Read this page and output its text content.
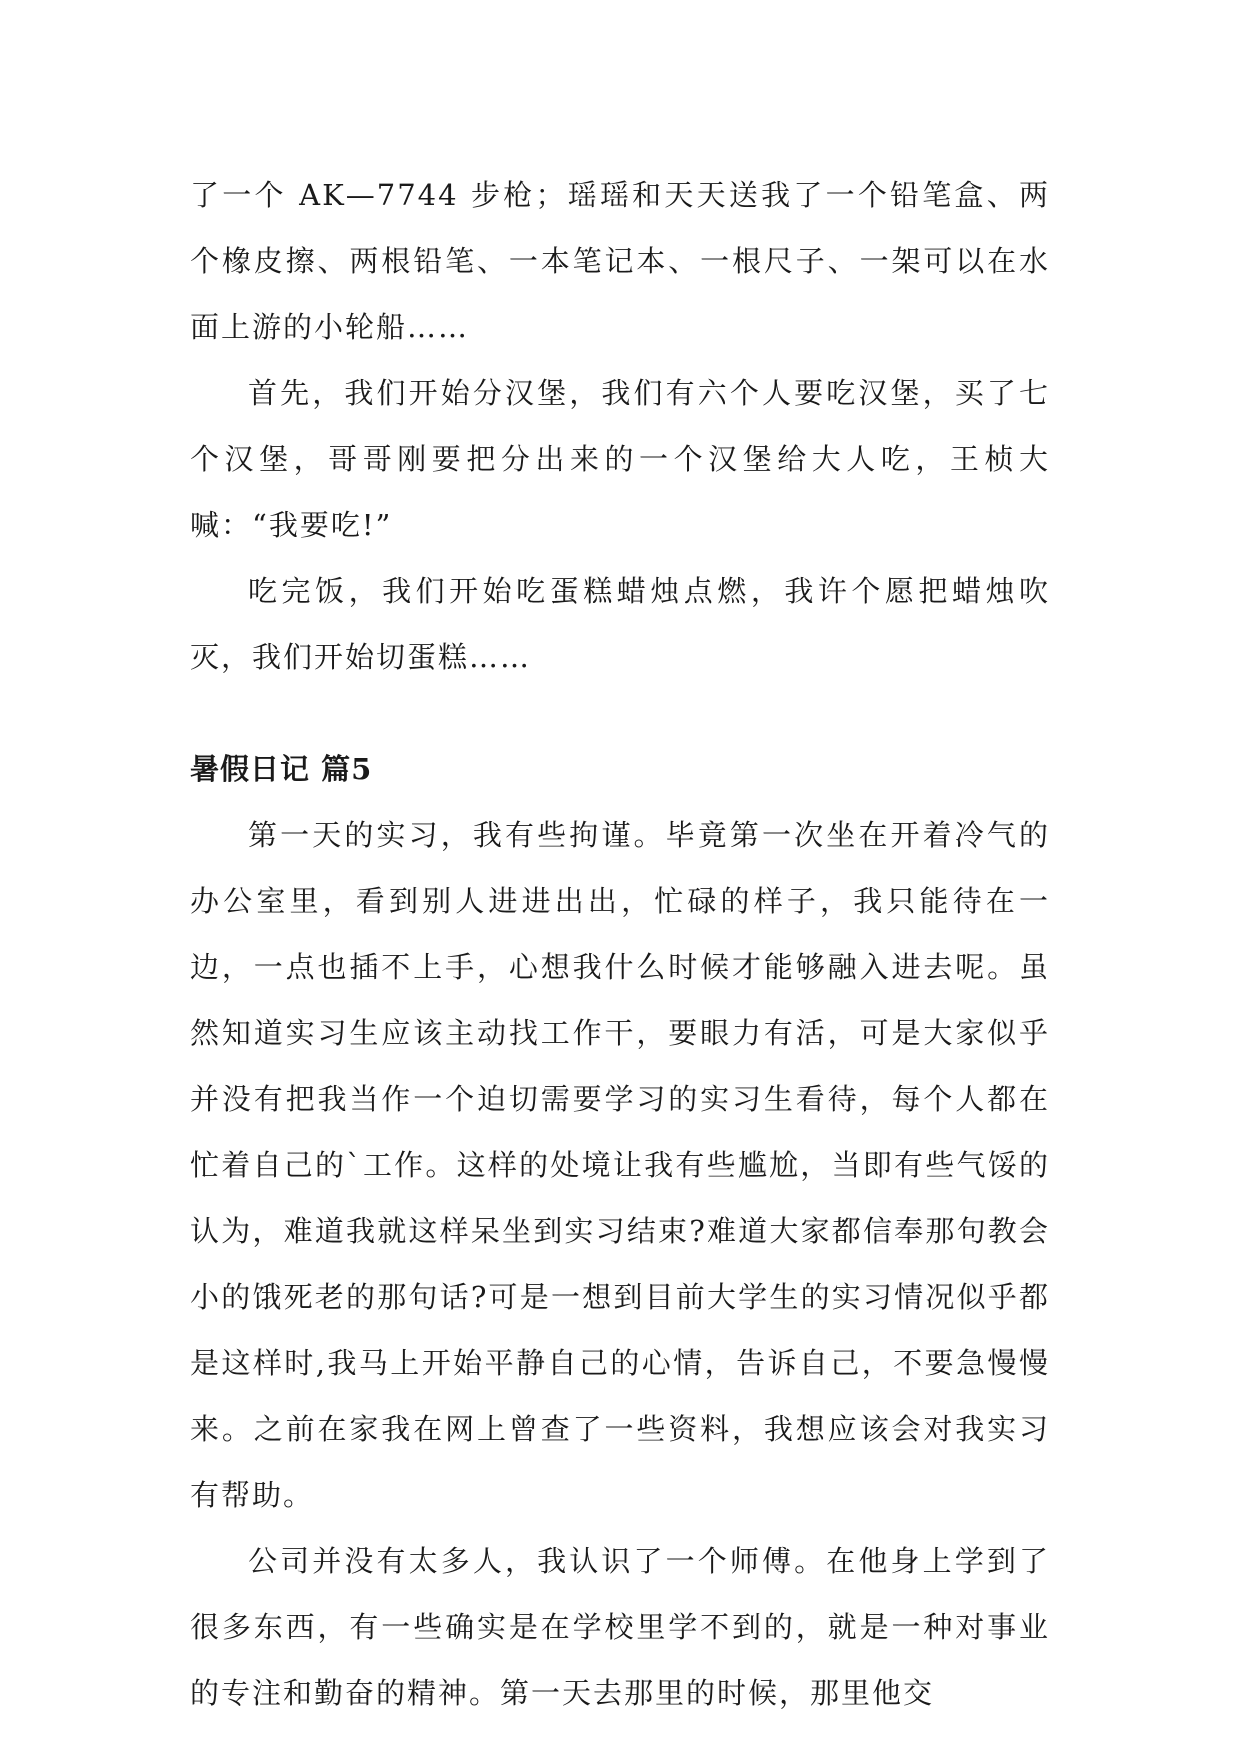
了一个 AK—7744 步枪；瑶瑶和天天送我了一个铅笔盒、两个橡皮擦、两根铅笔、一本笔记本、一根尺子、一架可以在水面上游的小轮船……

首先，我们开始分汉堡，我们有六个人要吃汉堡，买了七个汉堡，哥哥刚要把分出来的一个汉堡给大人吃，王桢大喊：“我要吃!”

吃完饭，我们开始吃蛋糕蜡烛点燃，我许个愿把蜡烛吹灭，我们开始切蛋糕……

暑假日记 篇5

第一天的实习，我有些拘谨。毕竟第一次坐在开着冷气的办公室里，看到别人进进出出，忙碌的样子，我只能待在一边，一点也插不上手，心想我什么时候才能够融入进去呢。虽然知道实习生应该主动找工作干，要眼力有活，可是大家似乎并没有把我当作一个迫切需要学习的实习生看待，每个人都在忙着自己的`工作。这样的处境让我有些尴尬，当即有些气馁的认为，难道我就这样呆坐到实习结束?难道大家都信奉那句教会小的饿死老的那句话?可是一想到目前大学生的实习情况似乎都是这样时,我马上开始平静自己的心情，告诉自己，不要急慢慢来。之前在家我在网上曾查了一些资料，我想应该会对我实习有帮助。

公司并没有太多人，我认识了一个师傅。在他身上学到了很多东西，有一些确实是在学校里学不到的，就是一种对事业的专注和勤奋的精神。第一天去那里的时候，那里他交
